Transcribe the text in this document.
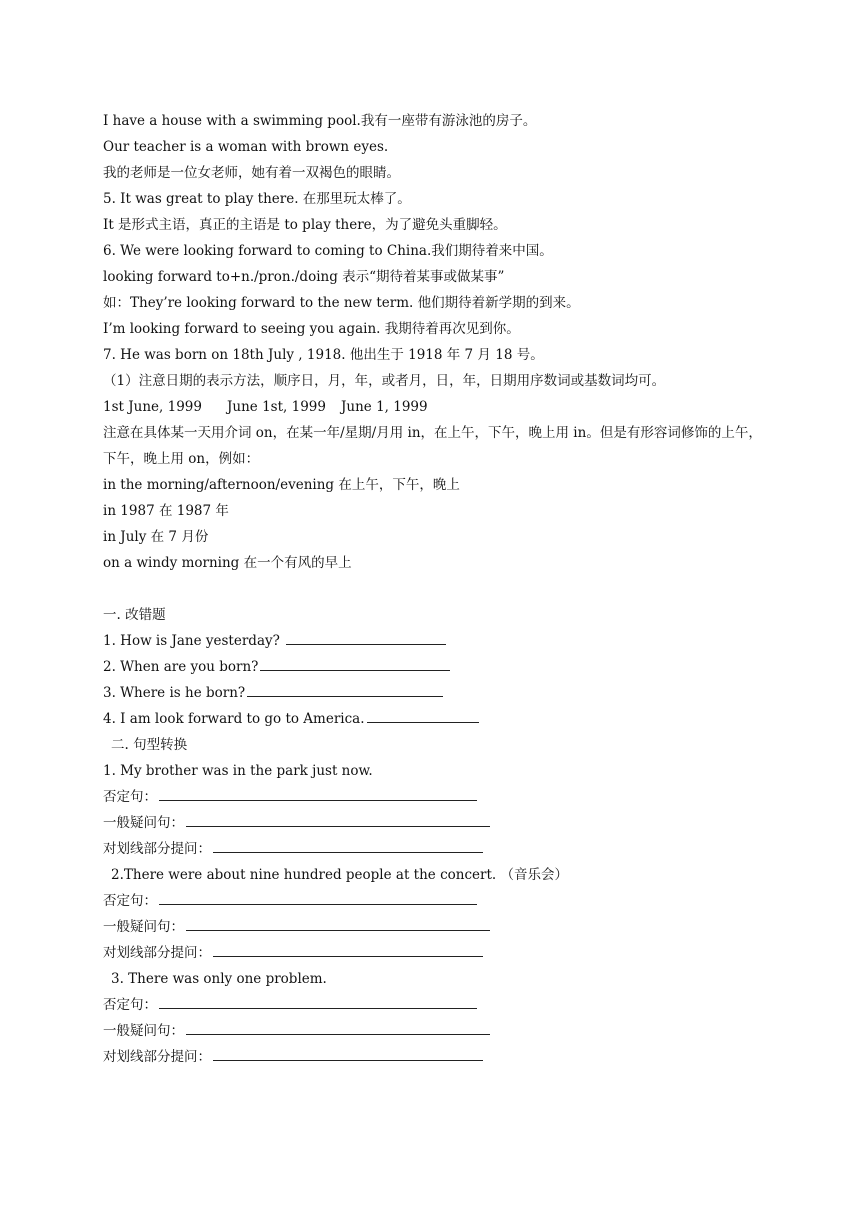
I have a house with a swimming pool.我有一座带有游泳池的房子。
Our teacher is a woman with brown eyes.
我的老师是一位女老师，她有着一双褐色的眼睛。
5. It was great to play there. 在那里玩太棒了。
It 是形式主语，真正的主语是 to play there，为了避免头重脚轻。
6. We were looking forward to coming to China.我们期待着来中国。
looking forward to+n./pron./doing 表示“期待着某事或做某事”
如：They’re looking forward to the new term. 他们期待着新学期的到来。
I’m looking forward to seeing you again. 我期待着再次见到你。
7. He was born on 18th July , 1918. 他出生于 1918 年 7 月 18 号。
（1）注意日期的表示方法，顺序日，月，年，或者月，日，年，日期用序数词或基数词均可。
1st June, 1999 June 1st, 1999 June 1, 1999
注意在具体某一天用介词 on，在某一年/星期/月用 in，在上午，下午，晚上用 in。但是有形容词修饰的上午，下午，晚上用 on，例如：
in the morning/afternoon/evening 在上午，下午，晚上
in 1987 在 1987 年
in July 在 7 月份
on a windy morning 在一个有风的早上
一. 改错题
1. How is Jane yesterday?
2. When are you born?
3. Where is he born?
4. I am look forward to go to America.
二. 句型转换
1. My brother was in the park just now.
否定句：
一般疑问句：
对划线部分提问：
2.There were about nine hundred people at the concert. （音乐会）
否定句：
一般疑问句：
对划线部分提问：
3. There was only one problem.
否定句：
一般疑问句：
对划线部分提问：
